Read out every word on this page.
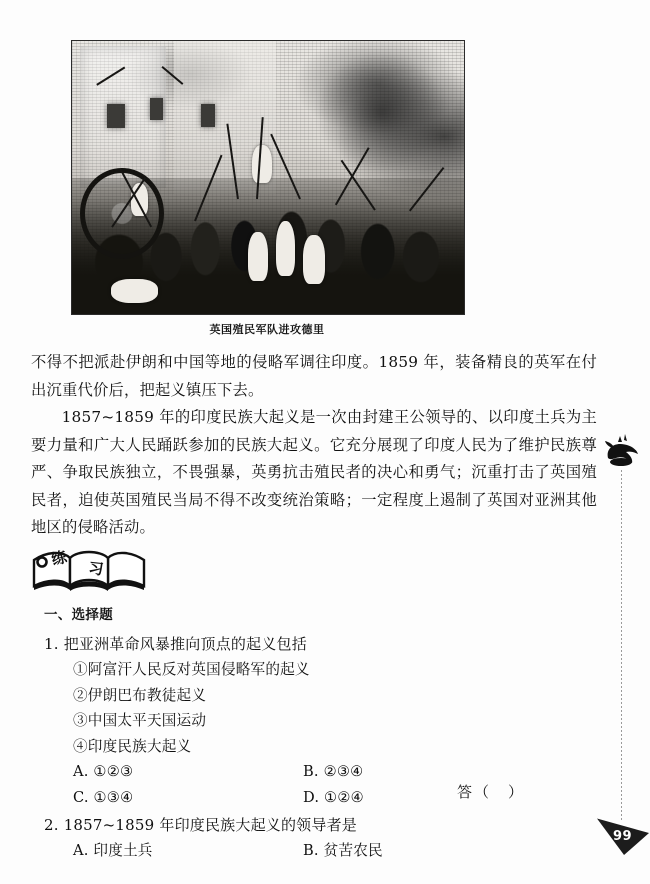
英国殖民军队进攻德里

不得不把派赴伊朗和中国等地的侵略军调往印度。1859 年，装备精良的英军在付出沉重代价后，把起义镇压下去。

1857~1859 年的印度民族大起义是一次由封建王公领导的、以印度土兵为主要力量和广大人民踊跃参加的民族大起义。它充分展现了印度人民为了维护民族尊严、争取民族独立，不畏强暴，英勇抗击殖民者的决心和勇气；沉重打击了英国殖民者，迫使英国殖民当局不得不改变统治策略；一定程度上遏制了英国对亚洲其他地区的侵略活动。

练 习
一、选择题
1. 把亚洲革命风暴推向顶点的起义包括
①阿富汗人民反对英国侵略军的起义
②伊朗巴布教徒起义
③中国太平天国运动
④印度民族大起义
A. ①②③	B. ②③④
C. ①③④	D. ①②④	答（　）
2. 1857~1859 年印度民族大起义的领导者是
A. 印度土兵	B. 贫苦农民
99
